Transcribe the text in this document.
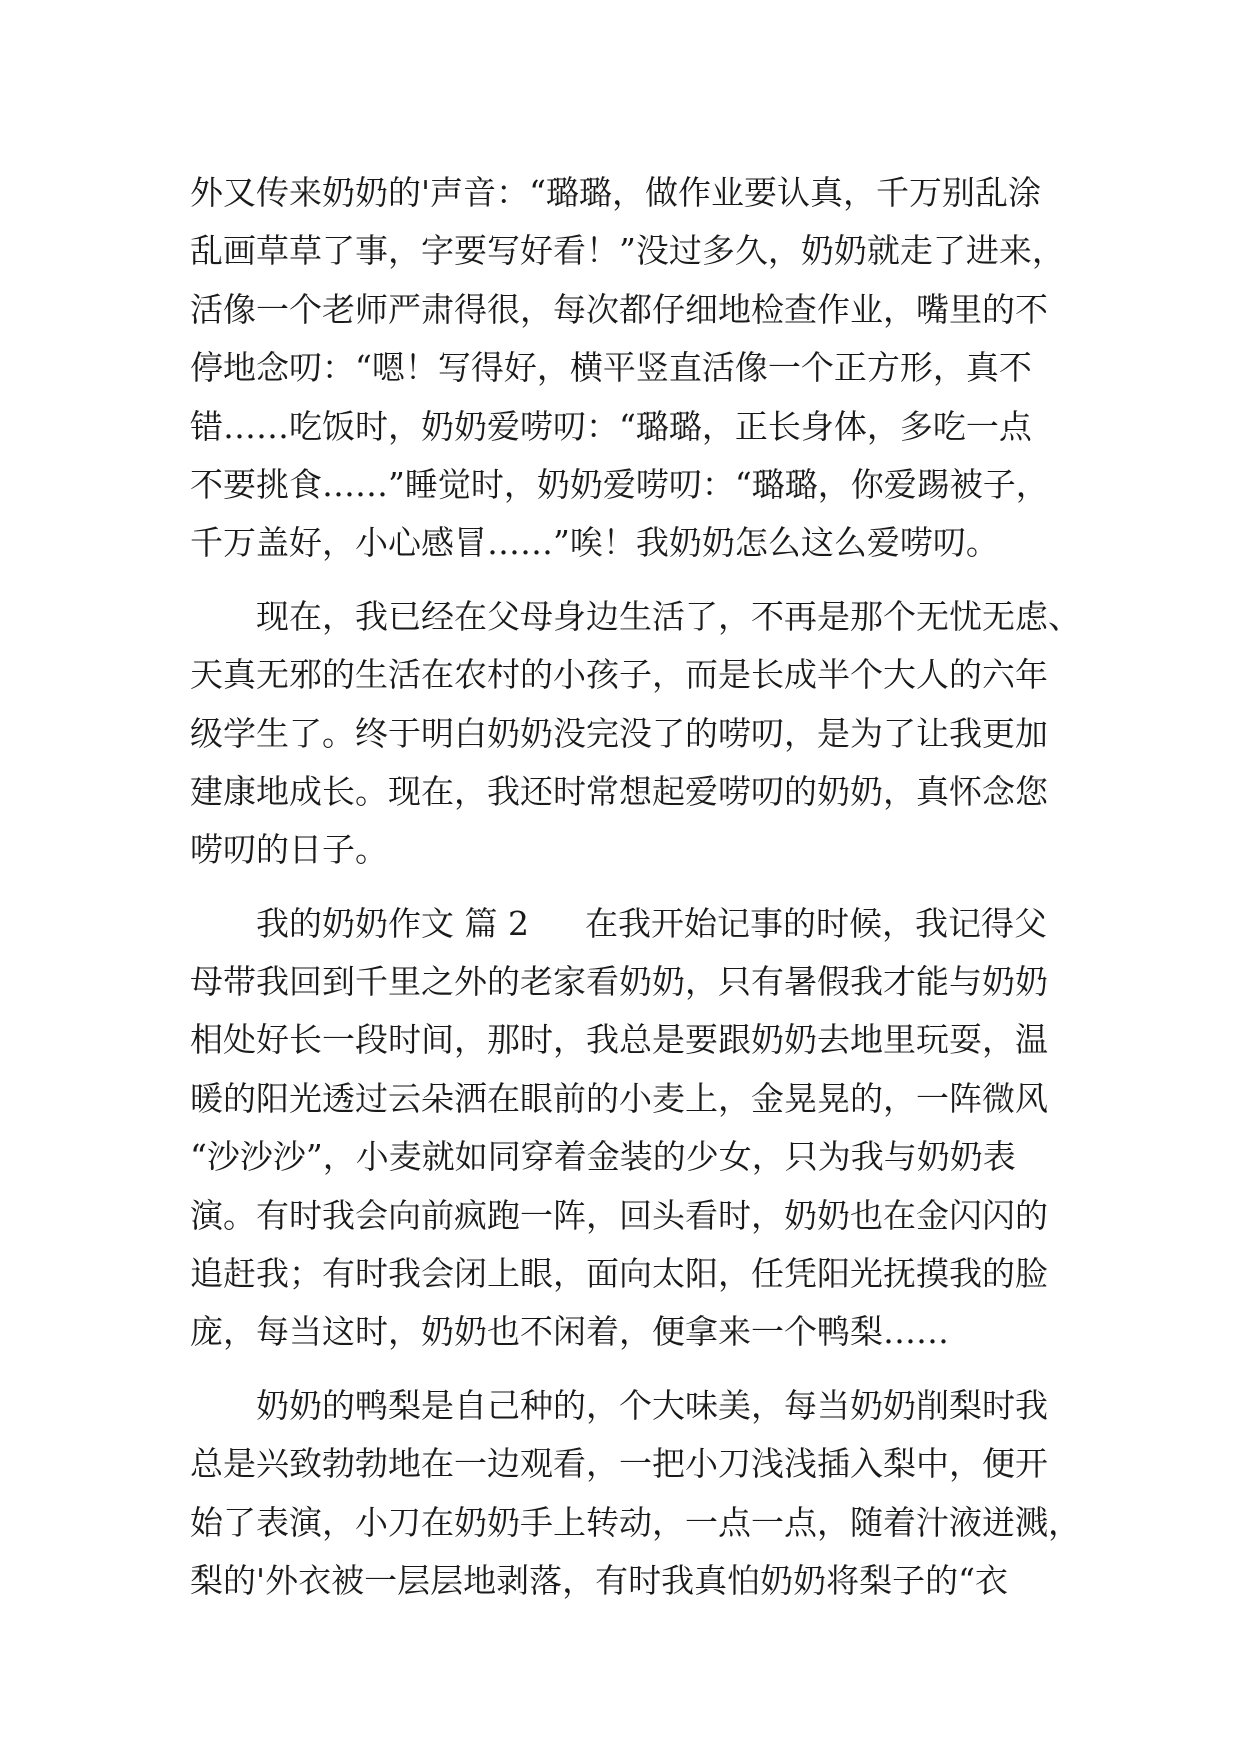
外又传来奶奶的'声音：“璐璐，做作业要认真，千万别乱涂
乱画草草了事，字要写好看！”没过多久，奶奶就走了进来，
活像一个老师严肃得很，每次都仔细地检查作业，嘴里的不
停地念叨：“嗯！写得好，横平竖直活像一个正方形，真不
错……吃饭时，奶奶爱唠叨：“璐璐，正长身体，多吃一点
不要挑食……”睡觉时，奶奶爱唠叨：“璐璐，你爱踢被子，
千万盖好，小心感冒……”唉！我奶奶怎么这么爱唠叨。
现在，我已经在父母身边生活了，不再是那个无忧无虑、
天真无邪的生活在农村的小孩子，而是长成半个大人的六年
级学生了。终于明白奶奶没完没了的唠叨，是为了让我更加
建康地成长。现在，我还时常想起爱唠叨的奶奶，真怀念您
唠叨的日子。
我的奶奶作文 篇 2 在我开始记事的时候，我记得父
母带我回到千里之外的老家看奶奶，只有暑假我才能与奶奶
相处好长一段时间，那时，我总是要跟奶奶去地里玩耍，温
暖的阳光透过云朵洒在眼前的小麦上，金晃晃的，一阵微风
“沙沙沙”，小麦就如同穿着金装的少女，只为我与奶奶表
演。有时我会向前疯跑一阵，回头看时，奶奶也在金闪闪的
追赶我；有时我会闭上眼，面向太阳，任凭阳光抚摸我的脸
庞，每当这时，奶奶也不闲着，便拿来一个鸭梨……
奶奶的鸭梨是自己种的，个大味美，每当奶奶削梨时我
总是兴致勃勃地在一边观看，一把小刀浅浅插入梨中，便开
始了表演，小刀在奶奶手上转动，一点一点，随着汁液迸溅，
梨的'外衣被一层层地剥落，有时我真怕奶奶将梨子的“衣
